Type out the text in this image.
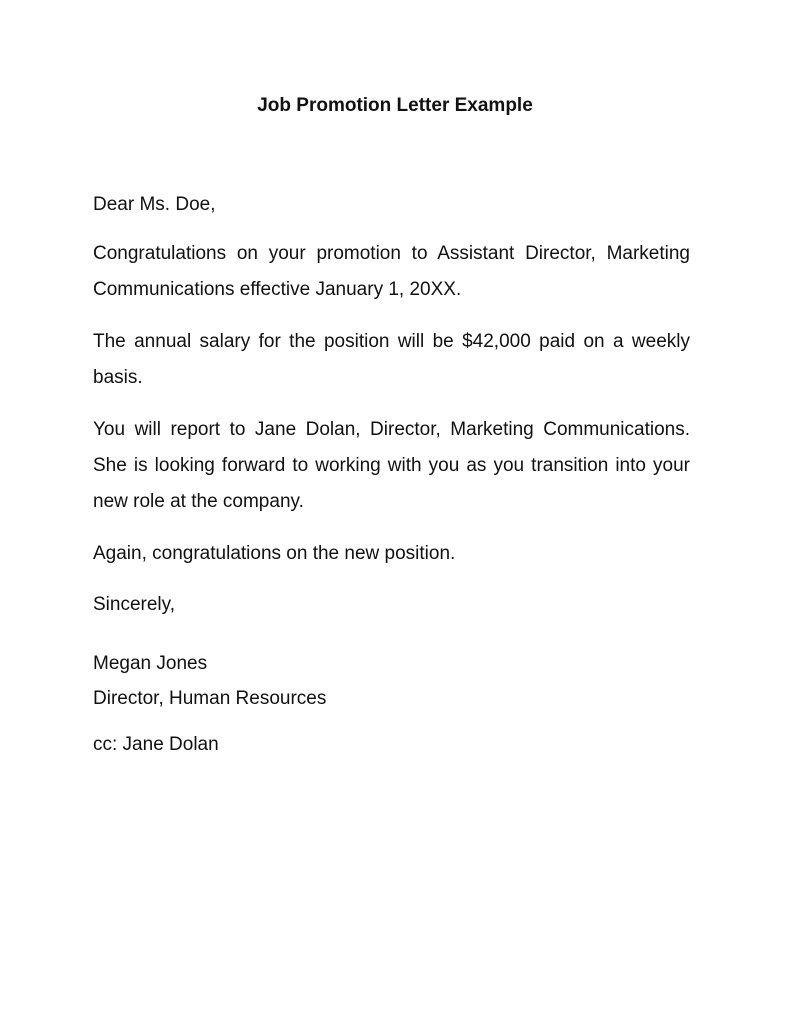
Job Promotion Letter Example

Dear Ms. Doe,

Congratulations on your promotion to Assistant Director, Marketing Communications effective January 1, 20XX.

The annual salary for the position will be $42,000 paid on a weekly basis.

You will report to Jane Dolan, Director, Marketing Communications. She is looking forward to working with you as you transition into your new role at the company.

Again, congratulations on the new position.

Sincerely,

Megan Jones
Director, Human Resources

cc: Jane Dolan
